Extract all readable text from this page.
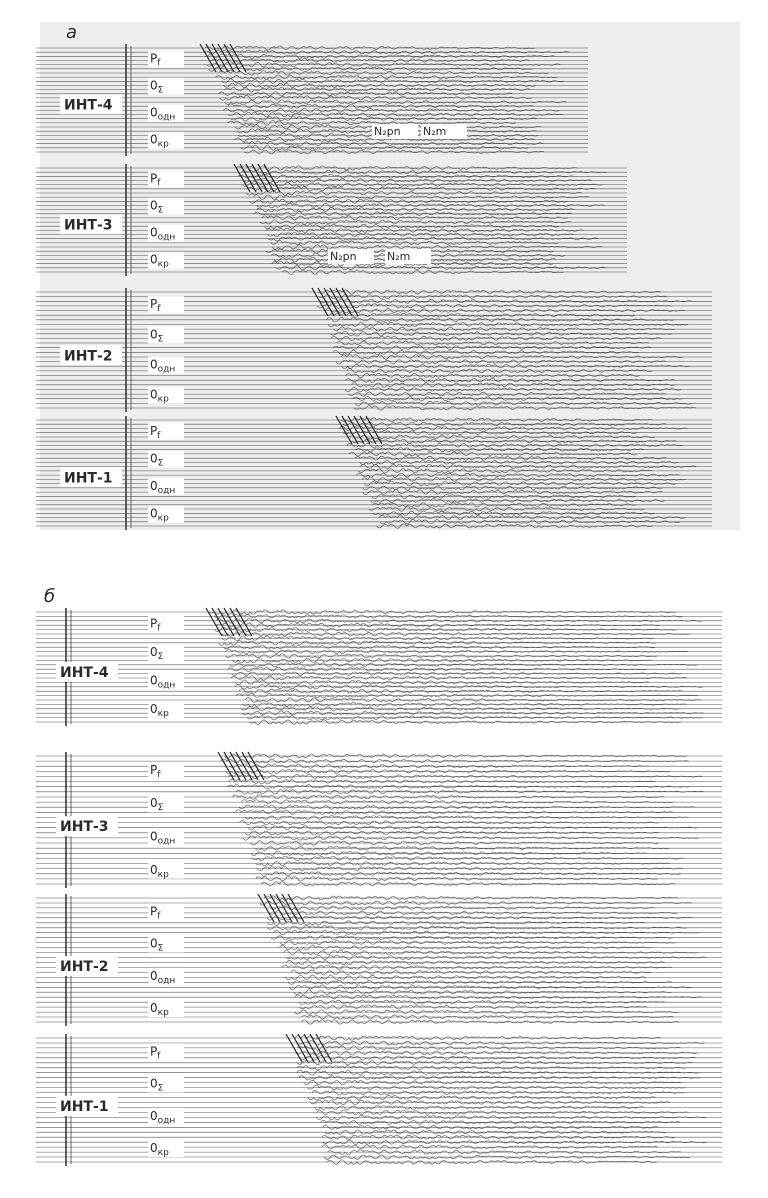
а
ИНТ-4
$P_f$
$0_\Sigma$
$0_{одн}$
$0_{кр}$
N₂pn N₂m
ИНТ-3
$P_f$
$0_\Sigma$
$0_{одн}$
$0_{кр}$
N₂pn	N₂m
ИНТ-2
$P_f$
$0_\Sigma$
$0_{одн}$
$0_{кр}$
ИНТ-1
$P_f$
$0_\Sigma$
$0_{одн}$
$0_{кр}$
б
ИНТ-4
$P_f$
$0_\Sigma$
$0_{одн}$
$0_{кр}$
ИНТ-3
$P_f$
$0_\Sigma$
$0_{одн}$
$0_{кр}$
ИНТ-2
$P_f$
$0_\Sigma$
$0_{одн}$
$0_{кр}$
ИНТ-1
$P_f$
$0_\Sigma$
$0_{одн}$
$0_{кр}$
